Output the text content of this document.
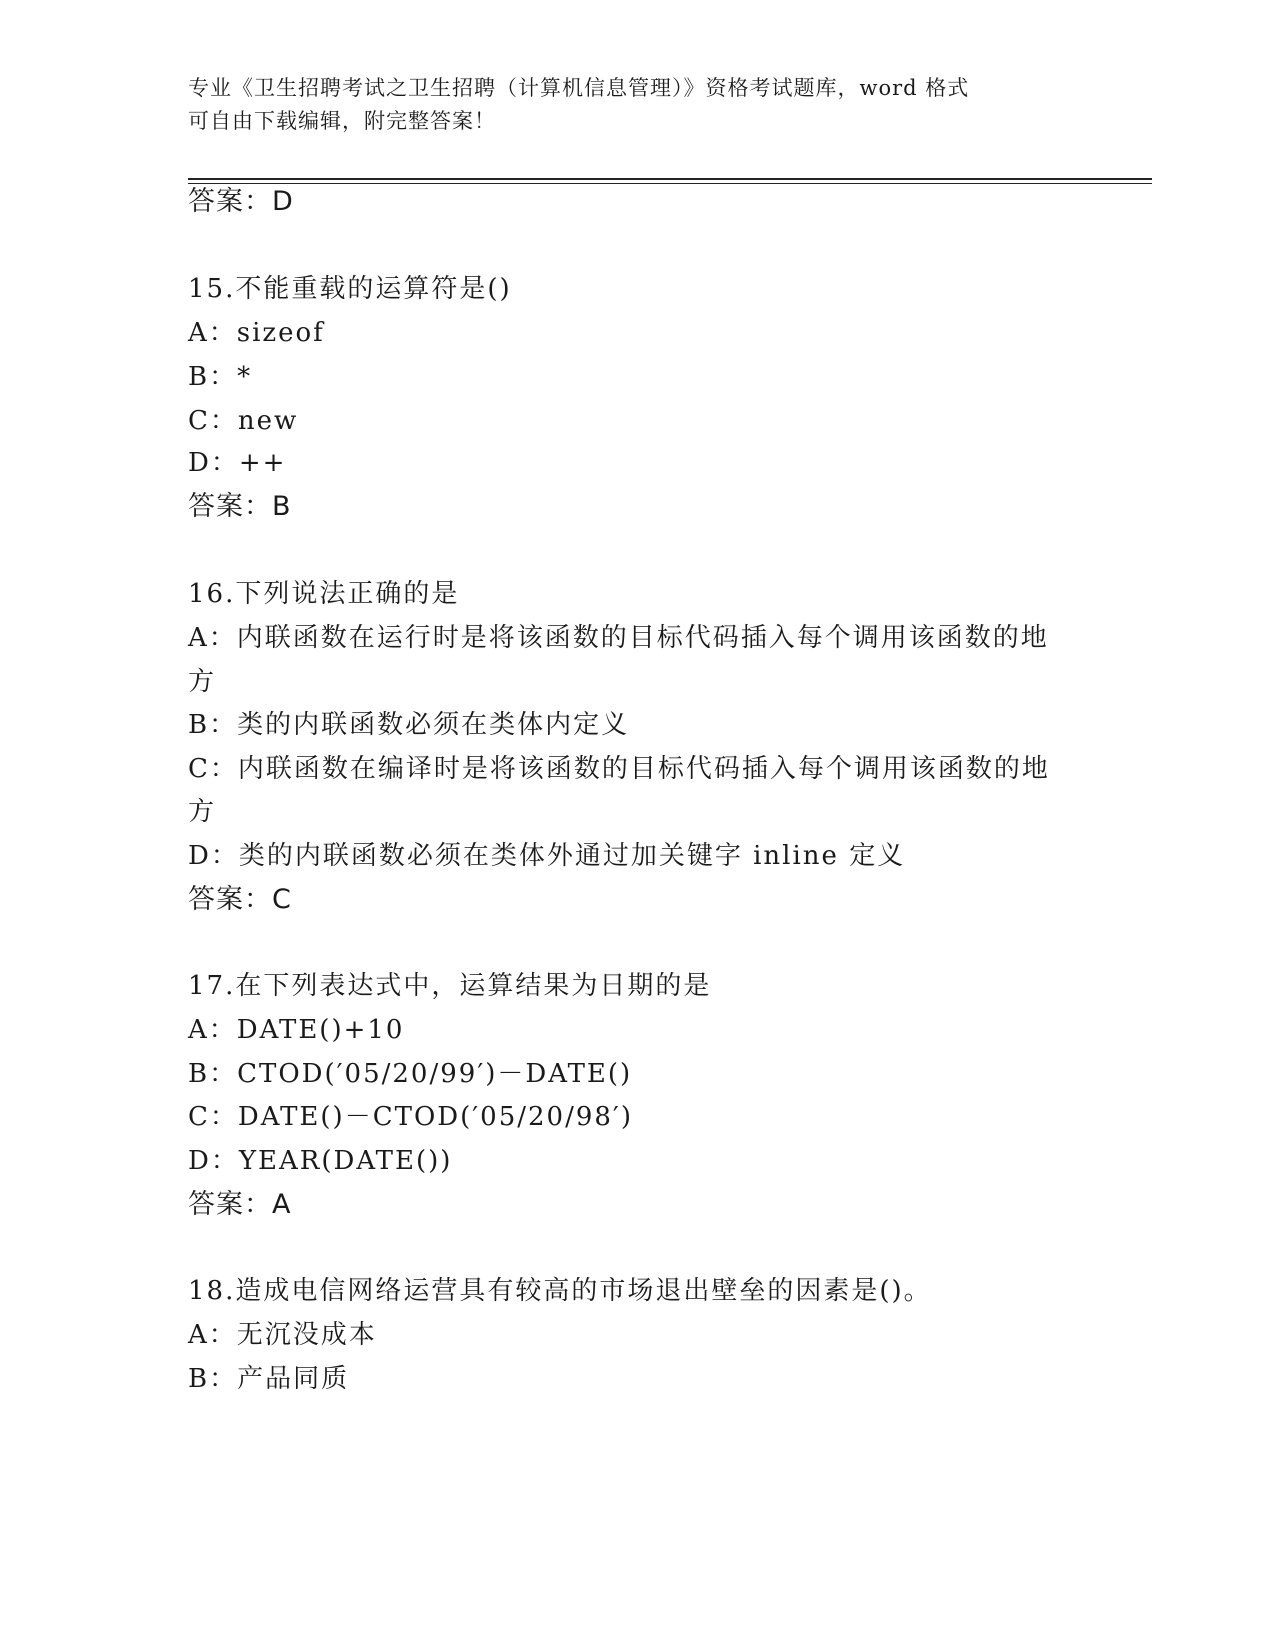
专业《卫生招聘考试之卫生招聘（计算机信息管理）》资格考试题库，word 格式
可自由下载编辑，附完整答案！
答案：D
15.不能重载的运算符是()
A：sizeof
B：*
C：new
D：++
答案：B
16.下列说法正确的是
A：内联函数在运行时是将该函数的目标代码插入每个调用该函数的地
方
B：类的内联函数必须在类体内定义
C：内联函数在编译时是将该函数的目标代码插入每个调用该函数的地
方
D：类的内联函数必须在类体外通过加关键字 inline 定义
答案：C
17.在下列表达式中，运算结果为日期的是
A：DATE()+10
B：CTOD(′05/20/99′)－DATE()
C：DATE()－CTOD(′05/20/98′)
D：YEAR(DATE())
答案：A
18.造成电信网络运营具有较高的市场退出壁垒的因素是()。
A：无沉没成本
B：产品同质
